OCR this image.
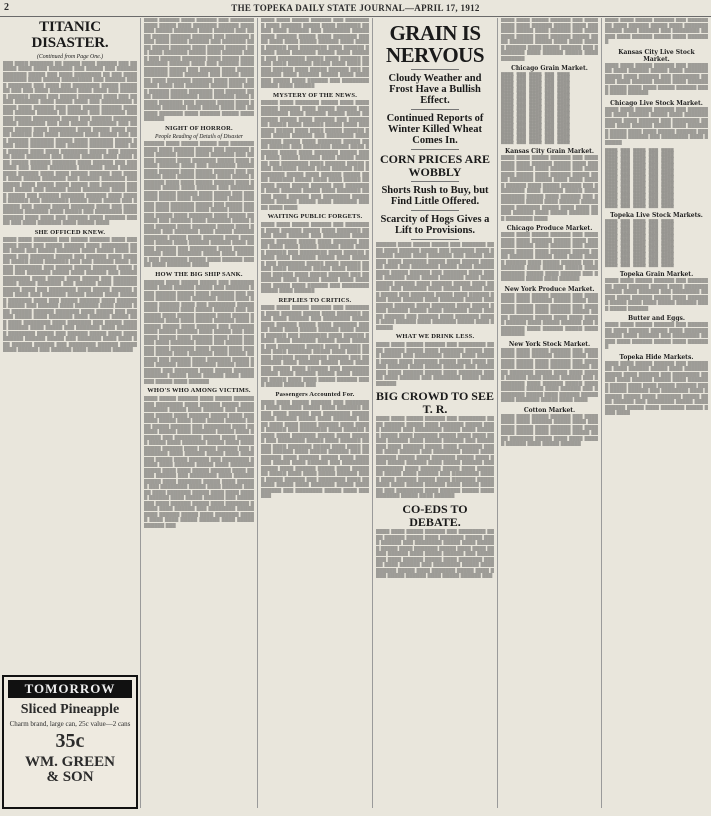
2	THE TOPEKA DAILY STATE JOURNAL—APRIL 17, 1912
TITANIC DISASTER.
(Continued from Page One.)
▒▒▒ ▒▒▒▒ ▒▒▒▒▒▒▒ ▒▒ ▒▒▒▒▒ ▒▒▒▒ ▒▒▒▒▒▒ ▒▒▒ ▒▒▒▒▒▒ ▒▒▒▒ ▒▒▒▒ ▒▒▒▒▒▒▒ ▒▒▒ ▒▒▒▒▒ ▒▒▒ ▒▒▒▒▒▒ ▒▒▒▒▒▒▒ ▒▒▒▒▒ ▒▒▒ ▒▒▒▒ ▒▒▒▒▒▒▒▒ ▒▒ ▒▒▒ ▒▒▒▒ ▒▒▒▒▒▒▒ ▒▒▒▒ ▒▒▒▒▒ ▒▒▒▒▒▒▒▒▒ ▒▒▒ ▒▒▒▒▒▒ ▒▒▒▒ ▒▒▒▒▒▒▒ ▒▒▒ ▒▒▒▒ ▒▒▒ ▒▒▒▒▒▒▒▒ ▒▒▒▒▒ ▒▒▒▒▒▒▒ ▒▒▒ ▒▒▒ ▒▒▒▒ ▒▒▒▒▒▒▒▒ ▒▒▒▒ ▒▒▒▒ ▒▒▒ ▒▒▒▒▒▒ ▒▒▒▒▒▒ ▒▒▒▒▒ ▒▒▒ ▒▒▒▒▒ ▒▒▒▒▒▒▒ ▒▒▒▒ ▒▒▒ ▒▒▒▒▒ ▒▒▒▒▒▒▒ ▒▒▒▒ ▒▒▒▒▒ ▒▒▒▒ ▒▒▒ ▒▒▒▒▒▒▒▒▒ ▒▒▒▒▒ ▒▒▒▒ ▒▒▒▒▒▒ ▒▒▒ ▒▒▒▒ ▒▒▒▒▒ ▒▒▒▒▒▒ ▒▒▒▒ ▒▒▒ ▒▒▒▒▒▒ ▒▒▒▒▒▒ ▒▒ ▒▒▒▒▒▒ ▒▒▒ ▒▒▒▒▒▒▒ ▒▒▒ ▒▒▒ ▒▒▒▒▒ ▒▒▒▒▒▒▒▒ ▒▒▒▒▒ ▒▒▒ ▒▒▒▒▒▒ ▒▒▒▒▒▒▒ ▒▒▒▒ ▒▒▒▒▒▒▒▒ ▒▒▒ ▒▒▒ ▒▒▒▒▒ ▒▒▒▒▒▒▒▒ ▒▒▒ ▒▒▒▒▒ ▒▒▒▒▒ ▒▒▒▒ ▒▒▒▒▒▒▒▒ ▒▒▒▒ ▒▒▒▒▒ ▒▒▒▒ ▒▒▒▒▒ ▒▒▒▒▒▒ ▒▒▒ ▒▒▒▒ ▒▒▒▒▒▒▒ ▒▒▒▒ ▒▒▒▒▒ ▒▒▒ ▒▒▒ ▒▒▒▒▒▒ ▒▒▒▒▒▒▒ ▒▒▒▒▒ ▒▒▒▒ ▒▒▒▒▒▒▒ ▒▒▒▒▒ ▒▒▒▒ ▒▒▒▒ ▒▒▒▒▒▒▒ ▒▒▒ ▒▒▒▒▒▒ ▒▒▒▒▒▒▒ ▒▒▒▒ ▒▒▒ ▒▒▒▒▒▒ ▒▒▒▒ ▒▒▒▒ ▒▒▒▒▒▒▒▒ ▒▒▒▒▒ ▒▒▒ ▒▒▒▒▒▒▒ ▒▒▒▒ ▒▒▒▒▒▒▒ ▒▒▒ ▒▒▒▒▒ ▒▒▒▒▒▒ ▒▒▒▒ ▒▒▒▒ ▒▒▒ ▒▒▒▒▒ ▒▒▒▒▒▒ ▒▒▒▒▒▒▒ ▒▒▒▒ ▒▒▒▒▒▒ ▒▒▒ ▒▒▒▒▒▒▒ ▒▒▒ ▒▒▒▒▒ ▒▒▒▒▒▒▒▒ ▒▒▒▒▒▒▒ ▒▒▒▒ ▒▒▒▒▒ ▒▒▒▒ ▒▒▒▒▒▒ ▒▒▒▒ ▒▒▒▒ ▒▒▒▒▒ ▒▒▒▒▒▒ ▒▒▒ ▒▒▒▒▒ ▒▒▒▒ ▒▒▒▒▒ ▒▒▒▒▒▒▒ ▒▒▒ ▒▒▒▒▒▒ ▒▒▒▒▒▒▒ ▒▒▒▒▒▒▒▒ ▒▒▒▒ ▒▒▒▒▒ ▒▒▒▒ ▒▒▒▒▒ ▒▒▒ ▒▒▒▒▒▒▒ ▒▒▒▒▒▒ ▒▒▒▒▒ ▒▒▒ ▒▒▒▒▒▒ ▒▒▒▒ ▒▒▒▒▒▒▒▒ ▒▒▒▒ ▒▒▒▒ ▒▒▒▒▒ ▒▒▒ ▒▒▒▒▒▒ ▒▒▒▒▒▒▒ ▒▒▒▒▒▒ ▒▒▒▒ ▒▒▒▒▒ ▒▒▒▒▒▒ ▒▒▒ ▒▒▒▒▒▒▒▒ ▒▒▒▒▒ ▒▒▒▒ ▒▒▒▒▒ ▒▒▒ ▒▒▒▒▒▒ ▒▒▒ ▒▒▒▒▒ ▒▒▒▒▒ ▒▒▒▒▒▒▒ ▒▒▒▒ ▒▒▒ ▒▒▒▒ ▒▒▒▒▒▒ ▒▒▒▒▒▒▒ ▒▒▒▒ ▒▒▒▒▒ ▒▒▒ ▒▒▒▒▒▒▒▒ ▒▒▒▒ ▒▒▒▒▒▒ ▒▒▒▒ ▒▒▒▒ ▒▒▒ ▒▒▒▒▒▒ ▒▒▒▒ ▒▒▒▒▒▒ ▒▒▒▒▒ ▒▒▒ ▒▒▒▒ ▒▒▒▒▒▒▒ ▒▒▒▒ ▒▒▒▒▒ ▒▒▒▒
SHE OFFICED KNEW.
▒▒▒▒ ▒▒▒▒ ▒▒▒▒▒▒▒ ▒▒▒ ▒▒▒▒▒ ▒▒▒▒▒▒ ▒▒▒▒ ▒▒▒▒▒▒▒ ▒▒▒▒ ▒▒▒ ▒▒▒▒▒ ▒▒▒▒▒▒ ▒▒▒▒ ▒▒▒▒▒▒▒▒ ▒▒▒▒ ▒▒▒▒ ▒▒▒ ▒▒▒▒▒ ▒▒▒▒▒▒▒ ▒▒▒▒ ▒▒▒▒▒ ▒▒▒▒ ▒▒▒▒▒▒ ▒▒▒ ▒▒▒▒▒▒▒ ▒▒▒▒▒ ▒▒▒ ▒▒▒▒▒▒ ▒▒▒▒ ▒▒▒▒▒▒ ▒▒▒▒▒ ▒▒▒▒ ▒▒▒▒▒▒▒ ▒▒▒ ▒▒▒ ▒▒▒▒▒▒ ▒▒▒▒ ▒▒▒▒▒ ▒▒▒▒▒▒▒▒ ▒▒▒ ▒▒▒▒▒ ▒▒▒▒▒ ▒▒▒▒▒▒▒ ▒▒▒▒ ▒▒▒▒ ▒▒▒ ▒▒▒▒▒▒▒ ▒▒▒▒▒ ▒▒▒▒ ▒▒▒▒▒▒ ▒▒▒ ▒▒▒▒▒ ▒▒▒▒▒▒▒▒ ▒▒▒▒ ▒▒▒▒▒ ▒▒▒▒ ▒▒▒▒▒ ▒▒▒ ▒▒▒▒▒▒▒ ▒▒▒▒ ▒▒▒▒▒ ▒▒▒▒▒▒▒ ▒▒▒ ▒▒▒▒▒▒ ▒▒▒▒ ▒▒▒▒▒▒▒ ▒▒▒▒▒ ▒▒▒▒ ▒▒▒ ▒▒▒▒▒▒▒▒ ▒▒▒▒ ▒▒▒▒▒ ▒▒▒▒▒▒ ▒▒▒▒ ▒▒▒▒ ▒▒▒ ▒▒▒▒▒▒▒ ▒▒▒▒▒ ▒▒▒▒▒ ▒▒▒▒ ▒▒▒▒▒▒ ▒▒▒▒▒▒▒ ▒▒▒▒ ▒▒▒ ▒▒▒▒▒ ▒▒▒▒▒▒ ▒▒▒▒ ▒▒▒▒▒▒▒ ▒▒▒▒▒ ▒▒▒ ▒▒▒▒▒▒ ▒▒▒▒ ▒▒▒▒▒▒▒ ▒▒▒▒ ▒▒▒▒▒ ▒▒▒ ▒▒▒▒▒▒ ▒▒▒▒▒▒ ▒▒▒▒▒▒▒ ▒▒▒▒ ▒▒▒▒▒ ▒▒▒ ▒▒▒▒▒▒ ▒▒▒▒▒ ▒▒▒▒ ▒▒▒▒▒▒▒ ▒▒▒▒ ▒▒▒▒▒▒ ▒▒▒▒▒ ▒▒▒ ▒▒▒▒ ▒▒▒▒▒▒▒▒ ▒▒▒▒ ▒▒▒▒▒▒▒ ▒▒▒ ▒▒▒▒▒ ▒▒▒▒▒ ▒▒▒▒▒▒ ▒▒▒▒ ▒▒▒▒▒ ▒▒▒ ▒▒▒▒▒▒▒ ▒▒▒▒ ▒▒▒▒▒▒▒ ▒▒▒▒▒▒▒▒ ▒▒▒▒▒ ▒▒▒ ▒▒▒▒▒▒ ▒▒▒▒▒ ▒▒▒▒ ▒▒▒▒ ▒▒▒▒▒▒ ▒▒▒▒▒▒ ▒▒▒▒▒ ▒▒▒ ▒▒▒▒▒▒▒ ▒▒▒▒ ▒▒▒▒ ▒▒▒ ▒▒▒▒▒▒ ▒▒▒▒▒▒ ▒▒▒ ▒▒▒▒▒▒▒▒ ▒▒▒▒▒▒ ▒▒▒▒▒ ▒▒▒▒ ▒▒▒▒▒▒ ▒▒▒ ▒▒▒▒▒▒ ▒▒▒▒ ▒▒▒▒▒▒▒ ▒▒▒▒▒▒
TOMORROW
Sliced Pineapple
Charm brand, large can, 25c value—2 cans
35c
WM. GREEN
& SON
▒▒▒▒ ▒▒▒▒▒▒ ▒▒▒▒ ▒▒▒▒▒▒ ▒▒▒ ▒▒▒▒▒▒▒ ▒▒▒▒ ▒▒▒▒▒ ▒▒▒▒ ▒▒▒▒▒▒▒ ▒▒▒▒▒▒ ▒▒▒▒ ▒▒▒ ▒▒▒▒▒ ▒▒▒▒▒▒▒ ▒▒▒▒ ▒▒▒▒▒▒ ▒▒▒ ▒▒▒▒ ▒▒▒▒▒ ▒▒▒▒▒▒ ▒▒▒▒▒▒ ▒▒▒ ▒▒▒▒▒▒▒ ▒▒▒▒ ▒▒▒▒ ▒▒▒▒▒ ▒▒▒▒▒▒ ▒▒▒ ▒▒▒▒▒▒▒ ▒▒▒▒ ▒▒▒▒▒ ▒▒▒▒▒▒ ▒▒▒▒ ▒▒▒▒▒ ▒▒▒▒▒▒ ▒▒▒ ▒▒▒▒ ▒▒▒▒▒▒▒ ▒▒▒▒▒ ▒▒▒▒ ▒▒▒▒▒▒ ▒▒▒▒ ▒▒▒ ▒▒▒▒▒▒ ▒▒▒▒▒▒▒ ▒▒▒▒ ▒▒▒▒▒ ▒▒▒▒ ▒▒▒▒▒▒▒ ▒▒▒▒▒▒ ▒▒▒▒ ▒▒▒ ▒▒▒▒▒▒ ▒▒▒▒ ▒▒▒▒▒▒▒ ▒▒▒▒▒ ▒▒▒ ▒▒▒▒▒▒ ▒▒▒▒ ▒▒▒▒▒ ▒▒▒▒▒▒▒ ▒▒▒▒ ▒▒▒▒▒▒▒ ▒▒▒ ▒▒▒▒▒ ▒▒▒▒▒▒ ▒▒▒▒ ▒▒▒▒▒▒▒ ▒▒▒▒▒▒ ▒▒▒▒ ▒▒▒▒▒ ▒▒▒▒▒▒ ▒▒▒▒ ▒▒▒ ▒▒▒▒▒▒▒ ▒▒▒▒▒ ▒▒▒▒ ▒▒▒▒ ▒▒▒▒▒▒ ▒▒▒▒▒ ▒▒▒▒▒▒▒ ▒▒▒ ▒▒▒▒▒▒ ▒▒▒▒ ▒▒▒▒▒ ▒▒▒▒▒▒▒▒ ▒▒▒▒ ▒▒▒▒▒▒ ▒▒▒▒ ▒▒▒▒▒ ▒▒▒▒▒▒▒ ▒▒▒ ▒▒▒▒▒▒ ▒▒▒▒▒ ▒▒▒▒ ▒▒▒▒▒▒ ▒▒▒▒▒▒▒ ▒▒▒▒ ▒▒▒▒▒ ▒▒▒▒ ▒▒▒ ▒▒▒▒▒▒ ▒▒▒▒▒▒▒ ▒▒▒▒ ▒▒▒▒▒▒ ▒▒▒▒▒ ▒▒▒▒ ▒▒▒▒▒▒
NIGHT OF HORROR.
People Reading of Details of Disaster
▒▒▒▒▒▒ ▒▒▒▒ ▒▒▒▒▒ ▒▒▒▒▒ ▒▒▒ ▒▒▒▒▒▒▒ ▒▒▒▒ ▒▒▒▒ ▒▒▒▒▒▒ ▒▒▒▒▒ ▒▒▒ ▒▒▒▒▒▒▒ ▒▒▒▒ ▒▒▒▒▒▒ ▒▒▒▒▒ ▒▒▒▒ ▒▒▒▒▒▒▒ ▒▒▒ ▒▒▒▒▒ ▒▒▒▒▒▒ ▒▒▒▒ ▒▒▒▒▒▒▒ ▒▒▒▒▒ ▒▒▒▒ ▒▒▒▒▒ ▒▒▒▒▒▒ ▒▒▒▒ ▒▒▒ ▒▒▒▒▒▒▒▒ ▒▒▒▒▒ ▒▒▒▒ ▒▒▒▒▒▒ ▒▒▒▒ ▒▒▒▒▒ ▒▒▒▒▒▒ ▒▒▒ ▒▒▒▒▒▒▒ ▒▒▒▒ ▒▒▒▒▒ ▒▒▒▒▒▒ ▒▒▒▒ ▒▒▒▒▒ ▒▒▒▒▒▒▒ ▒▒▒▒ ▒▒▒▒ ▒▒▒▒▒ ▒▒▒▒▒▒ ▒▒▒▒ ▒▒▒▒▒▒ ▒▒▒▒▒ ▒▒▒▒ ▒▒▒▒▒▒ ▒▒▒ ▒▒▒▒▒▒▒ ▒▒▒▒ ▒▒▒▒▒ ▒▒▒▒▒▒ ▒▒▒▒ ▒▒▒▒▒ ▒▒▒ ▒▒▒▒▒▒▒ ▒▒▒▒▒ ▒▒▒▒ ▒▒▒▒▒▒ ▒▒▒▒ ▒▒▒▒ ▒▒▒▒▒▒ ▒▒▒▒ ▒▒▒▒▒▒▒ ▒▒▒▒▒ ▒▒▒ ▒▒▒▒▒ ▒▒▒▒▒▒ ▒▒▒▒ ▒▒▒▒▒▒▒ ▒▒▒▒ ▒▒▒▒▒ ▒▒▒▒ ▒▒▒▒▒▒ ▒▒▒▒▒ ▒▒▒▒ ▒▒▒▒▒▒▒ ▒▒▒▒ ▒▒▒▒▒ ▒▒▒▒▒▒ ▒▒▒ ▒▒▒▒▒▒ ▒▒▒▒ ▒▒▒▒▒▒▒ ▒▒▒▒▒ ▒▒▒▒ ▒▒▒▒▒▒ ▒▒▒▒ ▒▒▒▒▒▒▒ ▒▒▒▒▒ ▒▒▒▒ ▒▒▒▒▒▒ ▒▒▒ ▒▒▒▒▒▒▒ ▒▒▒▒ ▒▒▒▒▒ ▒▒▒▒▒▒ ▒▒▒▒▒▒▒ ▒▒▒▒▒ ▒▒▒▒ ▒▒▒▒▒▒ ▒▒▒▒ ▒▒▒▒▒▒▒ ▒▒▒▒▒ ▒▒▒▒ ▒▒▒▒▒▒ ▒▒▒▒▒▒ ▒▒▒▒ ▒▒▒▒▒ ▒▒▒▒▒▒ ▒▒▒ ▒▒▒▒▒▒▒▒ ▒▒▒▒ ▒▒▒▒▒▒ ▒▒▒▒▒ ▒▒▒▒ ▒▒▒▒▒▒▒ ▒▒▒▒▒ ▒▒▒▒ ▒▒▒▒▒▒ ▒▒▒ ▒▒▒▒▒▒▒▒ ▒▒▒▒▒ ▒▒▒▒ ▒▒▒▒▒▒ ▒▒▒▒▒ ▒▒▒▒ ▒▒▒▒▒▒▒ ▒▒▒▒▒
HOW THE BIG SHIP SANK.
▒▒▒▒▒▒ ▒▒▒▒ ▒▒▒▒▒ ▒▒▒▒▒ ▒▒▒ ▒▒▒▒▒▒▒ ▒▒▒▒ ▒▒▒▒ ▒▒▒▒▒▒ ▒▒▒▒▒ ▒▒▒ ▒▒▒▒▒▒▒ ▒▒▒▒ ▒▒▒▒▒▒ ▒▒▒▒▒ ▒▒▒▒ ▒▒▒▒▒▒▒ ▒▒▒ ▒▒▒▒▒ ▒▒▒▒▒▒ ▒▒▒▒ ▒▒▒▒▒▒▒ ▒▒▒▒▒ ▒▒▒▒ ▒▒▒▒▒ ▒▒▒▒▒▒ ▒▒▒▒ ▒▒▒ ▒▒▒▒▒▒▒▒ ▒▒▒▒▒ ▒▒▒▒ ▒▒▒▒▒▒ ▒▒▒▒ ▒▒▒▒▒ ▒▒▒▒▒▒ ▒▒▒ ▒▒▒▒▒▒▒ ▒▒▒▒ ▒▒▒▒▒ ▒▒▒▒▒▒ ▒▒▒▒ ▒▒▒▒▒ ▒▒▒▒▒▒▒ ▒▒▒▒ ▒▒▒▒ ▒▒▒▒▒ ▒▒▒▒▒▒ ▒▒▒▒ ▒▒▒▒▒▒ ▒▒▒▒▒ ▒▒▒▒ ▒▒▒▒▒▒ ▒▒▒ ▒▒▒▒▒▒▒ ▒▒▒▒ ▒▒▒▒▒ ▒▒▒▒▒▒ ▒▒▒▒ ▒▒▒▒▒ ▒▒▒ ▒▒▒▒▒▒▒ ▒▒▒▒▒ ▒▒▒▒ ▒▒▒▒▒▒ ▒▒▒▒ ▒▒▒▒ ▒▒▒▒▒▒ ▒▒▒▒ ▒▒▒▒▒▒▒ ▒▒▒▒▒ ▒▒▒ ▒▒▒▒▒ ▒▒▒▒▒▒ ▒▒▒▒ ▒▒▒▒▒▒▒ ▒▒▒▒ ▒▒▒▒▒ ▒▒▒▒ ▒▒▒▒▒▒ ▒▒▒▒▒ ▒▒▒▒ ▒▒▒▒▒▒▒ ▒▒▒▒ ▒▒▒▒▒ ▒▒▒▒▒▒ ▒▒▒ ▒▒▒▒▒▒ ▒▒▒▒ ▒▒▒▒▒▒▒ ▒▒▒▒▒ ▒▒▒▒ ▒▒▒▒▒▒ ▒▒▒▒ ▒▒▒▒▒▒▒ ▒▒▒▒▒ ▒▒▒▒ ▒▒▒▒▒▒ ▒▒▒ ▒▒▒▒▒▒▒ ▒▒▒▒ ▒▒▒▒▒ ▒▒▒▒▒▒ ▒▒▒▒▒▒▒ ▒▒▒▒▒ ▒▒▒▒ ▒▒▒▒▒▒ ▒▒▒▒ ▒▒▒▒▒▒▒ ▒▒▒▒▒ ▒▒▒▒ ▒▒▒▒▒▒
WHO'S WHO AMONG VICTIMS.
▒▒▒▒ ▒▒▒▒▒ ▒▒▒▒▒▒ ▒▒▒▒ ▒▒▒▒▒ ▒▒▒▒▒▒ ▒▒▒ ▒▒▒▒▒▒▒▒ ▒▒▒▒ ▒▒▒▒▒▒ ▒▒▒▒▒ ▒▒▒▒ ▒▒▒▒▒▒▒ ▒▒▒▒▒ ▒▒▒▒ ▒▒▒▒▒▒ ▒▒▒ ▒▒▒▒▒▒▒▒ ▒▒▒▒▒ ▒▒▒▒ ▒▒▒▒▒▒ ▒▒▒▒▒ ▒▒▒▒ ▒▒▒▒▒▒▒ ▒▒▒▒▒ ▒▒▒▒ ▒▒▒▒ ▒▒▒▒▒ ▒▒▒▒▒▒ ▒▒▒▒ ▒▒▒▒▒ ▒▒▒▒▒▒ ▒▒▒ ▒▒▒▒▒▒▒▒ ▒▒▒▒ ▒▒▒▒▒▒ ▒▒▒▒▒ ▒▒▒▒ ▒▒▒▒▒▒▒ ▒▒▒▒▒ ▒▒▒▒ ▒▒▒▒▒▒ ▒▒▒ ▒▒▒▒▒▒▒▒ ▒▒▒▒▒ ▒▒▒▒ ▒▒▒▒▒▒ ▒▒▒▒▒ ▒▒▒▒ ▒▒▒▒▒▒▒ ▒▒▒▒▒ ▒▒▒▒ ▒▒▒▒ ▒▒▒▒▒ ▒▒▒▒▒▒ ▒▒▒▒ ▒▒▒▒▒ ▒▒▒▒▒▒ ▒▒▒ ▒▒▒▒▒▒▒▒ ▒▒▒▒ ▒▒▒▒▒▒ ▒▒▒▒▒ ▒▒▒▒ ▒▒▒▒▒▒▒ ▒▒▒▒▒ ▒▒▒▒ ▒▒▒▒▒▒ ▒▒▒ ▒▒▒▒▒▒▒▒ ▒▒▒▒▒ ▒▒▒▒ ▒▒▒▒▒▒ ▒▒▒▒▒ ▒▒▒▒ ▒▒▒▒▒▒▒ ▒▒▒▒▒ ▒▒▒▒ ▒▒▒▒ ▒▒▒▒▒ ▒▒▒▒▒▒ ▒▒▒▒ ▒▒▒▒▒ ▒▒▒▒▒▒ ▒▒▒ ▒▒▒▒▒▒▒▒ ▒▒▒▒ ▒▒▒▒▒▒ ▒▒▒▒▒ ▒▒▒▒ ▒▒▒▒▒▒▒ ▒▒▒▒▒ ▒▒▒▒ ▒▒▒▒▒▒ ▒▒▒ ▒▒▒▒▒▒▒▒ ▒▒▒▒▒ ▒▒▒▒ ▒▒▒▒▒▒ ▒▒▒▒▒ ▒▒▒▒ ▒▒▒▒▒▒▒ ▒▒▒▒▒ ▒▒▒▒ ▒▒▒▒ ▒▒▒▒▒ ▒▒▒▒▒▒ ▒▒▒▒ ▒▒▒▒▒ ▒▒▒▒▒▒ ▒▒▒ ▒▒▒▒▒▒▒▒ ▒▒▒▒ ▒▒▒▒▒▒ ▒▒▒▒▒ ▒▒▒▒ ▒▒▒▒▒▒▒ ▒▒▒▒▒ ▒▒▒▒ ▒▒▒▒▒▒ ▒▒▒ ▒▒▒▒▒▒▒▒ ▒▒▒▒▒ ▒▒▒▒ ▒▒▒▒▒▒ ▒▒▒▒▒ ▒▒▒▒ ▒▒▒▒▒▒▒ ▒▒▒▒▒ ▒▒▒▒ ▒▒▒▒ ▒▒▒▒▒ ▒▒▒▒▒▒ ▒▒▒▒ ▒▒▒▒▒ ▒▒▒▒▒▒ ▒▒▒
▒▒▒▒ ▒▒▒▒ ▒▒▒▒▒ ▒▒▒▒▒▒ ▒▒▒ ▒▒▒▒▒▒▒▒ ▒▒▒▒ ▒▒▒▒▒▒ ▒▒▒▒▒ ▒▒▒▒ ▒▒▒▒▒▒▒ ▒▒▒▒▒ ▒▒▒▒ ▒▒▒▒▒▒ ▒▒▒ ▒▒▒▒▒▒▒▒ ▒▒▒▒▒ ▒▒▒▒ ▒▒▒▒▒▒ ▒▒▒▒▒ ▒▒▒▒ ▒▒▒▒▒▒▒ ▒▒▒▒▒ ▒▒▒▒ ▒▒▒▒ ▒▒▒▒▒ ▒▒▒▒▒▒ ▒▒▒▒ ▒▒▒▒▒ ▒▒▒▒▒▒ ▒▒▒ ▒▒▒▒▒▒▒▒ ▒▒▒▒ ▒▒▒▒▒▒ ▒▒▒▒▒ ▒▒▒▒ ▒▒▒▒▒▒▒ ▒▒▒▒▒ ▒▒▒▒ ▒▒▒▒▒▒ ▒▒▒ ▒▒▒▒▒▒▒▒ ▒▒▒▒▒ ▒▒▒▒ ▒▒▒▒▒▒ ▒▒▒▒▒ ▒▒▒▒ ▒▒▒▒▒▒▒ ▒▒▒▒▒ ▒▒▒▒ ▒▒▒▒ ▒▒▒▒▒ ▒▒▒▒▒▒ ▒▒▒▒ ▒▒▒▒▒ ▒▒▒▒▒▒ ▒▒▒ ▒▒▒▒▒▒▒▒ ▒▒▒▒ ▒▒▒▒▒▒ ▒▒▒▒▒ ▒▒▒▒ ▒▒▒▒▒▒▒ ▒▒▒▒▒ ▒▒▒▒ ▒▒▒▒▒▒ ▒▒▒ ▒▒▒▒▒▒▒▒ ▒▒▒▒▒ ▒▒▒▒ ▒▒▒▒▒▒
MYSTERY OF THE NEWS.
▒▒▒▒▒ ▒▒▒▒ ▒▒▒▒▒▒▒ ▒▒▒▒▒ ▒▒▒▒ ▒▒▒▒ ▒▒▒▒▒ ▒▒▒▒▒▒ ▒▒▒▒ ▒▒▒▒▒ ▒▒▒▒▒▒ ▒▒▒ ▒▒▒▒▒▒▒▒ ▒▒▒▒ ▒▒▒▒▒▒ ▒▒▒▒▒ ▒▒▒▒ ▒▒▒▒▒▒▒ ▒▒▒▒▒ ▒▒▒▒ ▒▒▒▒▒▒ ▒▒▒ ▒▒▒▒▒▒▒▒ ▒▒▒▒▒ ▒▒▒▒ ▒▒▒▒▒▒ ▒▒▒▒▒ ▒▒▒▒ ▒▒▒▒▒▒▒ ▒▒▒▒▒ ▒▒▒▒ ▒▒▒▒ ▒▒▒▒▒ ▒▒▒▒▒▒ ▒▒▒▒ ▒▒▒▒▒ ▒▒▒▒▒▒ ▒▒▒ ▒▒▒▒▒▒▒▒ ▒▒▒▒ ▒▒▒▒▒▒ ▒▒▒▒▒ ▒▒▒▒ ▒▒▒▒▒▒▒ ▒▒▒▒▒ ▒▒▒▒ ▒▒▒▒▒▒ ▒▒▒ ▒▒▒▒▒▒▒▒ ▒▒▒▒▒ ▒▒▒▒ ▒▒▒▒▒▒ ▒▒▒▒▒ ▒▒▒▒ ▒▒▒▒▒▒▒ ▒▒▒▒▒ ▒▒▒▒ ▒▒▒▒ ▒▒▒▒▒ ▒▒▒▒▒▒ ▒▒▒▒ ▒▒▒▒▒ ▒▒▒▒▒▒ ▒▒▒ ▒▒▒▒▒▒▒▒ ▒▒▒▒ ▒▒▒▒▒▒ ▒▒▒▒▒ ▒▒▒▒ ▒▒▒▒▒▒▒ ▒▒▒▒▒ ▒▒▒▒ ▒▒▒▒▒▒ ▒▒▒ ▒▒▒▒▒▒▒▒ ▒▒▒▒▒ ▒▒▒▒ ▒▒▒▒▒▒ ▒▒▒▒▒ ▒▒▒▒ ▒▒▒▒▒▒▒ ▒▒▒▒▒ ▒▒▒▒ ▒▒▒▒ ▒▒▒▒▒ ▒▒▒▒▒▒ ▒▒▒▒ ▒▒▒▒▒ ▒▒▒▒▒▒ ▒▒▒ ▒▒▒▒▒▒▒▒ ▒▒▒▒ ▒▒▒▒▒▒ ▒▒▒▒▒ ▒▒▒▒ ▒▒▒▒▒▒▒ ▒▒▒▒▒ ▒▒▒▒ ▒▒▒▒▒▒ ▒▒▒ ▒▒▒▒▒▒▒▒ ▒▒▒▒▒ ▒▒▒▒ ▒▒▒▒▒▒ ▒▒▒▒▒ ▒▒▒▒ ▒▒▒▒▒▒▒ ▒▒▒▒▒ ▒▒▒▒ ▒▒▒▒
WAITING PUBLIC FORGETS.
▒▒▒▒ ▒▒▒▒ ▒▒▒▒▒ ▒▒▒▒▒▒ ▒▒▒ ▒▒▒▒▒▒▒▒ ▒▒▒▒ ▒▒▒▒▒▒ ▒▒▒▒▒ ▒▒▒▒ ▒▒▒▒▒▒▒ ▒▒▒▒▒ ▒▒▒▒ ▒▒▒▒▒▒ ▒▒▒ ▒▒▒▒▒▒▒▒ ▒▒▒▒▒ ▒▒▒▒ ▒▒▒▒▒▒ ▒▒▒▒▒ ▒▒▒▒ ▒▒▒▒▒▒▒ ▒▒▒▒▒ ▒▒▒▒ ▒▒▒▒ ▒▒▒▒▒ ▒▒▒▒▒▒ ▒▒▒▒ ▒▒▒▒▒ ▒▒▒▒▒▒ ▒▒▒ ▒▒▒▒▒▒▒▒ ▒▒▒▒ ▒▒▒▒▒▒ ▒▒▒▒▒ ▒▒▒▒ ▒▒▒▒▒▒▒ ▒▒▒▒▒ ▒▒▒▒ ▒▒▒▒▒▒ ▒▒▒ ▒▒▒▒▒▒▒▒ ▒▒▒▒▒ ▒▒▒▒ ▒▒▒▒▒▒ ▒▒▒▒▒ ▒▒▒▒ ▒▒▒▒▒▒▒ ▒▒▒▒▒ ▒▒▒▒ ▒▒▒▒ ▒▒▒▒▒ ▒▒▒▒▒▒ ▒▒▒▒ ▒▒▒▒▒ ▒▒▒▒▒▒ ▒▒▒ ▒▒▒▒▒▒▒▒ ▒▒▒▒ ▒▒▒▒▒▒ ▒▒▒▒▒ ▒▒▒▒ ▒▒▒▒▒▒▒ ▒▒▒▒▒ ▒▒▒▒ ▒▒▒▒▒▒ ▒▒▒ ▒▒▒▒▒▒▒▒ ▒▒▒▒▒ ▒▒▒▒ ▒▒▒▒▒▒
REPLIES TO CRITICS.
▒▒▒▒ ▒▒▒▒ ▒▒▒▒▒ ▒▒▒▒▒▒ ▒▒▒ ▒▒▒▒▒▒▒▒ ▒▒▒▒ ▒▒▒▒▒▒ ▒▒▒▒▒ ▒▒▒▒ ▒▒▒▒▒▒▒ ▒▒▒▒▒ ▒▒▒▒ ▒▒▒▒▒▒ ▒▒▒ ▒▒▒▒▒▒▒▒ ▒▒▒▒▒ ▒▒▒▒ ▒▒▒▒▒▒ ▒▒▒▒▒ ▒▒▒▒ ▒▒▒▒▒▒▒ ▒▒▒▒▒ ▒▒▒▒ ▒▒▒▒ ▒▒▒▒▒ ▒▒▒▒▒▒ ▒▒▒▒ ▒▒▒▒▒ ▒▒▒▒▒▒ ▒▒▒ ▒▒▒▒▒▒▒▒ ▒▒▒▒ ▒▒▒▒▒▒ ▒▒▒▒▒ ▒▒▒▒ ▒▒▒▒▒▒▒ ▒▒▒▒▒ ▒▒▒▒ ▒▒▒▒▒▒ ▒▒▒ ▒▒▒▒▒▒▒▒ ▒▒▒▒▒ ▒▒▒▒ ▒▒▒▒▒▒ ▒▒▒▒▒ ▒▒▒▒ ▒▒▒▒▒▒▒ ▒▒▒▒▒ ▒▒▒▒ ▒▒▒▒ ▒▒▒▒▒ ▒▒▒▒▒▒ ▒▒▒▒ ▒▒▒▒▒ ▒▒▒▒▒▒ ▒▒▒ ▒▒▒▒▒▒▒▒ ▒▒▒▒ ▒▒▒▒▒▒ ▒▒▒▒▒ ▒▒▒▒ ▒▒▒▒▒▒▒ ▒▒▒▒▒ ▒▒▒▒ ▒▒▒▒▒▒ ▒▒▒ ▒▒▒▒▒▒▒▒ ▒▒▒▒▒ ▒▒▒▒ ▒▒▒▒▒▒ ▒▒▒▒▒ ▒▒▒▒ ▒▒▒▒▒▒▒ ▒▒▒▒▒ ▒▒▒▒ ▒▒▒▒ ▒▒▒▒▒ ▒▒▒▒▒▒ ▒▒▒▒ ▒▒▒▒▒ ▒▒▒▒▒▒ ▒▒▒
Passengers Accounted For.
▒▒▒▒ ▒▒▒▒ ▒▒▒▒▒ ▒▒▒▒▒▒ ▒▒▒ ▒▒▒▒▒▒▒▒ ▒▒▒▒ ▒▒▒▒▒▒ ▒▒▒▒▒ ▒▒▒▒ ▒▒▒▒▒▒▒ ▒▒▒▒▒ ▒▒▒▒ ▒▒▒▒▒▒ ▒▒▒ ▒▒▒▒▒▒▒▒ ▒▒▒▒▒ ▒▒▒▒ ▒▒▒▒▒▒ ▒▒▒▒▒ ▒▒▒▒ ▒▒▒▒▒▒▒ ▒▒▒▒▒ ▒▒▒▒ ▒▒▒▒ ▒▒▒▒▒ ▒▒▒▒▒▒ ▒▒▒▒ ▒▒▒▒▒ ▒▒▒▒▒▒ ▒▒▒ ▒▒▒▒▒▒▒▒ ▒▒▒▒ ▒▒▒▒▒▒ ▒▒▒▒▒ ▒▒▒▒ ▒▒▒▒▒▒▒ ▒▒▒▒▒ ▒▒▒▒ ▒▒▒▒▒▒ ▒▒▒ ▒▒▒▒▒▒▒▒ ▒▒▒▒▒ ▒▒▒▒ ▒▒▒▒▒▒ ▒▒▒▒▒ ▒▒▒▒ ▒▒▒▒▒▒▒ ▒▒▒▒▒ ▒▒▒▒ ▒▒▒▒ ▒▒▒▒▒ ▒▒▒▒▒▒ ▒▒▒▒ ▒▒▒▒▒ ▒▒▒▒▒▒ ▒▒▒ ▒▒▒▒▒▒▒▒ ▒▒▒▒ ▒▒▒▒▒▒ ▒▒▒▒▒ ▒▒▒▒ ▒▒▒▒▒▒▒ ▒▒▒▒▒ ▒▒▒▒ ▒▒▒▒▒▒ ▒▒▒ ▒▒▒▒▒▒▒▒ ▒▒▒▒▒ ▒▒▒▒ ▒▒▒▒▒▒ ▒▒▒▒▒ ▒▒▒▒ ▒▒▒▒▒▒▒ ▒▒▒▒▒ ▒▒▒▒ ▒▒▒▒ ▒▒▒▒▒ ▒▒▒▒▒▒ ▒▒▒▒ ▒▒▒▒▒ ▒▒▒▒▒▒ ▒▒▒ ▒▒▒▒▒▒▒▒ ▒▒▒▒ ▒▒▒▒▒▒ ▒▒▒▒▒ ▒▒▒▒ ▒▒▒▒▒▒▒ ▒▒▒▒▒ ▒▒▒▒ ▒▒▒▒▒▒ ▒▒▒ ▒▒▒▒▒▒▒▒ ▒▒▒▒▒ ▒▒▒▒ ▒▒▒▒▒▒
GRAIN IS NERVOUS
Cloudy Weather and Frost Have a Bullish Effect.
Continued Reports of Winter Killed Wheat Comes In.
CORN PRICES ARE WOBBLY
Shorts Rush to Buy, but Find Little Offered.
Scarcity of Hogs Gives a Lift to Provisions.
▒▒▒▒▒▒ ▒▒▒▒ ▒▒▒▒▒ ▒▒▒▒▒ ▒▒▒ ▒▒▒▒▒▒▒ ▒▒▒▒ ▒▒▒▒ ▒▒▒▒▒▒ ▒▒▒▒▒ ▒▒▒ ▒▒▒▒▒▒▒ ▒▒▒▒ ▒▒▒▒▒▒ ▒▒▒▒▒ ▒▒▒▒ ▒▒▒▒▒▒▒ ▒▒▒ ▒▒▒▒▒ ▒▒▒▒▒▒ ▒▒▒▒ ▒▒▒▒▒▒▒ ▒▒▒▒▒ ▒▒▒▒ ▒▒▒▒▒ ▒▒▒▒▒▒ ▒▒▒▒ ▒▒▒ ▒▒▒▒▒▒▒▒ ▒▒▒▒▒ ▒▒▒▒ ▒▒▒▒▒▒ ▒▒▒▒ ▒▒▒▒▒ ▒▒▒▒▒▒ ▒▒▒ ▒▒▒▒▒▒▒ ▒▒▒▒ ▒▒▒▒▒ ▒▒▒▒▒▒ ▒▒▒▒ ▒▒▒▒▒ ▒▒▒▒▒▒▒ ▒▒▒▒ ▒▒▒▒ ▒▒▒▒▒ ▒▒▒▒▒▒ ▒▒▒▒ ▒▒▒▒▒▒ ▒▒▒▒▒ ▒▒▒▒ ▒▒▒▒▒▒ ▒▒▒ ▒▒▒▒▒▒▒ ▒▒▒▒ ▒▒▒▒▒ ▒▒▒▒▒▒ ▒▒▒▒ ▒▒▒▒▒ ▒▒▒ ▒▒▒▒▒▒▒ ▒▒▒▒▒ ▒▒▒▒ ▒▒▒▒▒▒ ▒▒▒▒ ▒▒▒▒ ▒▒▒▒▒▒ ▒▒▒▒ ▒▒▒▒▒▒▒ ▒▒▒▒▒ ▒▒▒ ▒▒▒▒▒ ▒▒▒▒▒▒ ▒▒▒▒ ▒▒▒▒▒▒▒ ▒▒▒▒ ▒▒▒▒▒ ▒▒▒▒ ▒▒▒▒▒▒ ▒▒▒▒▒ ▒▒▒▒ ▒▒▒▒▒▒▒ ▒▒▒▒ ▒▒▒▒▒ ▒▒▒▒▒▒ ▒▒▒ ▒▒▒▒▒▒ ▒▒▒▒ ▒▒▒▒▒▒▒ ▒▒▒▒▒ ▒▒▒▒ ▒▒▒▒▒▒ ▒▒▒▒ ▒▒▒▒▒▒▒ ▒▒▒▒▒ ▒▒▒▒ ▒▒▒▒▒▒
WHAT WE DRINK LESS.
▒▒▒▒ ▒▒▒▒ ▒▒▒▒▒ ▒▒▒▒▒▒ ▒▒▒ ▒▒▒▒▒▒▒▒ ▒▒▒▒ ▒▒▒▒▒▒ ▒▒▒▒▒ ▒▒▒▒ ▒▒▒▒▒▒▒ ▒▒▒▒▒ ▒▒▒▒ ▒▒▒▒▒▒ ▒▒▒ ▒▒▒▒▒▒▒▒ ▒▒▒▒▒ ▒▒▒▒ ▒▒▒▒▒▒ ▒▒▒▒▒ ▒▒▒▒ ▒▒▒▒▒▒▒ ▒▒▒▒▒ ▒▒▒▒ ▒▒▒▒ ▒▒▒▒▒ ▒▒▒▒▒▒ ▒▒▒▒ ▒▒▒▒▒ ▒▒▒▒▒▒ ▒▒▒ ▒▒▒▒▒▒▒▒ ▒▒▒▒ ▒▒▒▒▒▒ ▒▒▒▒▒ ▒▒▒▒ ▒▒▒▒▒▒▒ ▒▒▒▒▒ ▒▒▒▒ ▒▒▒▒▒▒ ▒▒▒ ▒▒▒▒▒▒▒▒ ▒▒▒▒▒ ▒▒▒▒ ▒▒▒▒▒▒
BIG CROWD TO SEE T. R.
▒▒▒▒ ▒▒▒▒ ▒▒▒▒▒ ▒▒▒▒▒▒ ▒▒▒ ▒▒▒▒▒▒▒▒ ▒▒▒▒ ▒▒▒▒▒▒ ▒▒▒▒▒ ▒▒▒▒ ▒▒▒▒▒▒▒ ▒▒▒▒▒ ▒▒▒▒ ▒▒▒▒▒▒ ▒▒▒ ▒▒▒▒▒▒▒▒ ▒▒▒▒▒ ▒▒▒▒ ▒▒▒▒▒▒ ▒▒▒▒▒ ▒▒▒▒ ▒▒▒▒▒▒▒ ▒▒▒▒▒ ▒▒▒▒ ▒▒▒▒ ▒▒▒▒▒ ▒▒▒▒▒▒ ▒▒▒▒ ▒▒▒▒▒ ▒▒▒▒▒▒ ▒▒▒ ▒▒▒▒▒▒▒▒ ▒▒▒▒ ▒▒▒▒▒▒ ▒▒▒▒▒ ▒▒▒▒ ▒▒▒▒▒▒▒ ▒▒▒▒▒ ▒▒▒▒ ▒▒▒▒▒▒ ▒▒▒ ▒▒▒▒▒▒▒▒ ▒▒▒▒▒ ▒▒▒▒ ▒▒▒▒▒▒ ▒▒▒▒▒ ▒▒▒▒ ▒▒▒▒▒▒▒ ▒▒▒▒▒ ▒▒▒▒ ▒▒▒▒ ▒▒▒▒▒ ▒▒▒▒▒▒ ▒▒▒▒ ▒▒▒▒▒ ▒▒▒▒▒▒ ▒▒▒ ▒▒▒▒▒▒▒▒ ▒▒▒▒ ▒▒▒▒▒▒ ▒▒▒▒▒ ▒▒▒▒ ▒▒▒▒▒▒▒ ▒▒▒▒▒ ▒▒▒▒ ▒▒▒▒▒▒ ▒▒▒ ▒▒▒▒▒▒▒▒ ▒▒▒▒▒ ▒▒▒▒ ▒▒▒▒▒▒ ▒▒▒▒▒ ▒▒▒▒ ▒▒▒▒▒▒▒ ▒▒▒▒▒ ▒▒▒▒ ▒▒▒▒ ▒▒▒▒▒ ▒▒▒▒▒▒ ▒▒▒▒ ▒▒▒▒▒ ▒▒▒▒▒▒ ▒▒▒ ▒▒▒▒▒▒▒▒ ▒▒▒▒ ▒▒▒▒▒▒ ▒▒▒▒▒ ▒▒▒▒ ▒▒▒▒▒▒▒ ▒▒▒▒▒ ▒▒▒▒ ▒▒▒▒▒▒
CO-EDS TO DEBATE.
▒▒▒▒ ▒▒▒▒ ▒▒▒▒▒ ▒▒▒▒▒▒ ▒▒▒ ▒▒▒▒▒▒▒▒ ▒▒▒▒ ▒▒▒▒▒▒ ▒▒▒▒▒ ▒▒▒▒ ▒▒▒▒▒▒▒ ▒▒▒▒▒ ▒▒▒▒ ▒▒▒▒▒▒ ▒▒▒ ▒▒▒▒▒▒▒▒ ▒▒▒▒▒ ▒▒▒▒ ▒▒▒▒▒▒ ▒▒▒▒▒ ▒▒▒▒ ▒▒▒▒▒▒▒ ▒▒▒▒▒ ▒▒▒▒ ▒▒▒▒ ▒▒▒▒▒ ▒▒▒▒▒▒ ▒▒▒▒ ▒▒▒▒▒ ▒▒▒▒▒▒ ▒▒▒ ▒▒▒▒▒▒▒▒ ▒▒▒▒ ▒▒▒▒▒▒ ▒▒▒▒▒ ▒▒▒▒ ▒▒▒▒▒▒▒ ▒▒▒▒▒ ▒▒▒▒ ▒▒▒▒▒▒ ▒▒▒ ▒▒▒▒▒▒▒▒ ▒▒▒▒▒ ▒▒▒▒ ▒▒▒▒▒▒ ▒▒▒▒▒ ▒▒▒▒ ▒▒▒▒▒▒▒ ▒▒▒▒▒ ▒▒▒▒ ▒▒▒▒ ▒▒▒▒▒ ▒▒▒▒▒▒ ▒▒▒▒ ▒▒▒▒▒ ▒▒▒▒▒▒ ▒▒▒
▒▒▒▒ ▒▒▒▒ ▒▒▒▒▒ ▒▒▒▒▒▒ ▒▒▒ ▒▒▒▒▒▒▒▒ ▒▒▒▒ ▒▒▒▒▒▒ ▒▒▒▒▒ ▒▒▒▒ ▒▒▒▒▒▒▒ ▒▒▒▒▒ ▒▒▒▒ ▒▒▒▒▒▒ ▒▒▒ ▒▒▒▒▒▒▒▒ ▒▒▒▒▒ ▒▒▒▒ ▒▒▒▒▒▒ ▒▒▒▒▒ ▒▒▒▒ ▒▒▒▒▒▒▒ ▒▒▒▒▒ ▒▒▒▒ ▒▒▒▒ ▒▒▒▒▒ ▒▒▒▒▒▒ ▒▒▒▒ ▒▒▒▒▒ ▒▒▒▒▒▒ ▒▒▒ ▒▒▒▒▒▒▒▒ ▒▒▒▒ ▒▒▒▒▒▒ ▒▒▒▒▒ ▒▒▒▒ ▒▒▒▒▒▒▒
Chicago Grain Market.
▒▒▒▒ ▒▒▒ ▒▒▒▒ ▒▒▒ ▒▒▒▒
▒▒▒▒ ▒▒▒ ▒▒▒▒ ▒▒▒ ▒▒▒▒
▒▒▒▒ ▒▒▒ ▒▒▒▒ ▒▒▒ ▒▒▒▒
▒▒▒▒ ▒▒▒ ▒▒▒▒ ▒▒▒ ▒▒▒▒
▒▒▒▒ ▒▒▒ ▒▒▒▒ ▒▒▒ ▒▒▒▒
▒▒▒▒ ▒▒▒ ▒▒▒▒ ▒▒▒ ▒▒▒▒
▒▒▒▒ ▒▒▒ ▒▒▒▒ ▒▒▒ ▒▒▒▒
▒▒▒▒ ▒▒▒ ▒▒▒▒ ▒▒▒ ▒▒▒▒
▒▒▒▒ ▒▒▒ ▒▒▒▒ ▒▒▒ ▒▒▒▒
▒▒▒▒ ▒▒▒ ▒▒▒▒ ▒▒▒ ▒▒▒▒
▒▒▒▒ ▒▒▒ ▒▒▒▒ ▒▒▒ ▒▒▒▒
▒▒▒▒ ▒▒▒ ▒▒▒▒ ▒▒▒ ▒▒▒▒
Kansas City Grain Market.
▒▒▒▒ ▒▒▒▒ ▒▒▒▒▒ ▒▒▒▒▒▒ ▒▒▒ ▒▒▒▒▒▒▒▒ ▒▒▒▒ ▒▒▒▒▒▒ ▒▒▒▒▒ ▒▒▒▒ ▒▒▒▒▒▒▒ ▒▒▒▒▒ ▒▒▒▒ ▒▒▒▒▒▒ ▒▒▒ ▒▒▒▒▒▒▒▒ ▒▒▒▒▒ ▒▒▒▒ ▒▒▒▒▒▒ ▒▒▒▒▒ ▒▒▒▒ ▒▒▒▒▒▒▒ ▒▒▒▒▒ ▒▒▒▒ ▒▒▒▒ ▒▒▒▒▒ ▒▒▒▒▒▒ ▒▒▒▒ ▒▒▒▒▒ ▒▒▒▒▒▒ ▒▒▒ ▒▒▒▒▒▒▒▒ ▒▒▒▒ ▒▒▒▒▒▒ ▒▒▒▒▒ ▒▒▒▒ ▒▒▒▒▒▒▒ ▒▒▒▒▒ ▒▒▒▒ ▒▒▒▒▒▒ ▒▒▒ ▒▒▒▒▒▒▒▒ ▒▒▒▒▒ ▒▒▒▒ ▒▒▒▒▒▒ ▒▒▒▒▒ ▒▒▒▒ ▒▒▒▒▒▒▒ ▒▒▒▒▒ ▒▒▒▒ ▒▒▒▒ ▒▒▒▒▒ ▒▒▒▒▒▒ ▒▒▒▒ ▒▒▒▒▒ ▒▒▒▒▒▒ ▒▒▒ ▒▒▒▒▒▒▒▒ ▒▒▒▒
Chicago Produce Market.
▒▒▒▒ ▒▒▒▒ ▒▒▒▒▒ ▒▒▒▒▒▒ ▒▒▒ ▒▒▒▒▒▒▒▒ ▒▒▒▒ ▒▒▒▒▒▒ ▒▒▒▒▒ ▒▒▒▒ ▒▒▒▒▒▒▒ ▒▒▒▒▒ ▒▒▒▒ ▒▒▒▒▒▒ ▒▒▒ ▒▒▒▒▒▒▒▒ ▒▒▒▒▒ ▒▒▒▒ ▒▒▒▒▒▒ ▒▒▒▒▒ ▒▒▒▒ ▒▒▒▒▒▒▒ ▒▒▒▒▒ ▒▒▒▒ ▒▒▒▒ ▒▒▒▒▒ ▒▒▒▒▒▒ ▒▒▒▒ ▒▒▒▒▒ ▒▒▒▒▒▒ ▒▒▒ ▒▒▒▒▒▒▒▒ ▒▒▒▒ ▒▒▒▒▒▒ ▒▒▒▒▒ ▒▒▒▒ ▒▒▒▒▒▒▒ ▒▒▒▒▒ ▒▒▒▒ ▒▒▒▒▒▒ ▒▒▒ ▒▒▒▒▒▒▒▒ ▒▒▒▒▒ ▒▒▒▒ ▒▒▒▒▒▒
New York Produce Market.
▒▒▒▒ ▒▒▒▒ ▒▒▒▒▒ ▒▒▒▒▒▒ ▒▒▒ ▒▒▒▒▒▒▒▒ ▒▒▒▒ ▒▒▒▒▒▒ ▒▒▒▒▒ ▒▒▒▒ ▒▒▒▒▒▒▒ ▒▒▒▒▒ ▒▒▒▒ ▒▒▒▒▒▒ ▒▒▒ ▒▒▒▒▒▒▒▒ ▒▒▒▒▒ ▒▒▒▒ ▒▒▒▒▒▒ ▒▒▒▒▒ ▒▒▒▒ ▒▒▒▒▒▒▒ ▒▒▒▒▒ ▒▒▒▒ ▒▒▒▒ ▒▒▒▒▒ ▒▒▒▒▒▒ ▒▒▒▒ ▒▒▒▒▒ ▒▒▒▒▒▒ ▒▒▒ ▒▒▒▒▒▒▒▒ ▒▒▒▒ ▒▒▒▒▒▒ ▒▒▒▒▒ ▒▒▒▒ ▒▒▒▒▒▒▒
New York Stock Market.
▒▒▒▒ ▒▒▒▒ ▒▒▒▒▒ ▒▒▒▒▒▒ ▒▒▒ ▒▒▒▒▒▒▒▒ ▒▒▒▒ ▒▒▒▒▒▒ ▒▒▒▒▒ ▒▒▒▒ ▒▒▒▒▒▒▒ ▒▒▒▒▒ ▒▒▒▒ ▒▒▒▒▒▒ ▒▒▒ ▒▒▒▒▒▒▒▒ ▒▒▒▒▒ ▒▒▒▒ ▒▒▒▒▒▒ ▒▒▒▒▒ ▒▒▒▒ ▒▒▒▒▒▒▒ ▒▒▒▒▒ ▒▒▒▒ ▒▒▒▒ ▒▒▒▒▒ ▒▒▒▒▒▒ ▒▒▒▒ ▒▒▒▒▒ ▒▒▒▒▒▒ ▒▒▒ ▒▒▒▒▒▒▒▒ ▒▒▒▒ ▒▒▒▒▒▒ ▒▒▒▒▒ ▒▒▒▒ ▒▒▒▒▒▒▒ ▒▒▒▒▒ ▒▒▒▒ ▒▒▒▒▒▒ ▒▒▒ ▒▒▒▒▒▒▒▒ ▒▒▒▒▒ ▒▒▒▒ ▒▒▒▒▒▒ ▒▒▒▒▒ ▒▒▒▒ ▒▒▒▒▒▒▒ ▒▒▒▒▒ ▒▒▒▒ ▒▒▒▒
Cotton Market.
▒▒▒▒ ▒▒▒▒ ▒▒▒▒▒ ▒▒▒▒▒▒ ▒▒▒ ▒▒▒▒▒▒▒▒ ▒▒▒▒ ▒▒▒▒▒▒ ▒▒▒▒▒ ▒▒▒▒ ▒▒▒▒▒▒▒ ▒▒▒▒▒ ▒▒▒▒ ▒▒▒▒▒▒ ▒▒▒ ▒▒▒▒▒▒▒▒ ▒▒▒▒▒ ▒▒▒▒ ▒▒▒▒▒▒ ▒▒▒▒▒ ▒▒▒▒ ▒▒▒▒▒▒▒ ▒▒▒▒▒ ▒▒▒▒ ▒▒▒▒ ▒▒▒▒▒ ▒▒▒▒▒▒ ▒▒▒▒ ▒▒▒▒▒ ▒▒▒▒▒▒
▒▒▒▒ ▒▒▒▒ ▒▒▒▒▒ ▒▒▒▒▒▒ ▒▒▒ ▒▒▒▒▒▒▒▒ ▒▒▒▒ ▒▒▒▒▒▒ ▒▒▒▒▒ ▒▒▒▒ ▒▒▒▒▒▒▒ ▒▒▒▒▒ ▒▒▒▒ ▒▒▒▒▒▒ ▒▒▒ ▒▒▒▒▒▒▒▒ ▒▒▒▒▒ ▒▒▒▒ ▒▒▒▒▒▒ ▒▒▒▒▒ ▒▒▒▒ ▒▒▒▒▒▒▒
Kansas City Live Stock Market.
▒▒▒▒ ▒▒▒▒ ▒▒▒▒▒ ▒▒▒▒▒▒ ▒▒▒ ▒▒▒▒▒▒▒▒ ▒▒▒▒ ▒▒▒▒▒▒ ▒▒▒▒▒ ▒▒▒▒ ▒▒▒▒▒▒▒ ▒▒▒▒▒ ▒▒▒▒ ▒▒▒▒▒▒ ▒▒▒ ▒▒▒▒▒▒▒▒ ▒▒▒▒▒ ▒▒▒▒ ▒▒▒▒▒▒ ▒▒▒▒▒ ▒▒▒▒ ▒▒▒▒▒▒▒ ▒▒▒▒▒ ▒▒▒▒ ▒▒▒▒ ▒▒▒▒▒ ▒▒▒▒▒▒ ▒▒▒▒ ▒▒▒▒▒ ▒▒▒▒▒▒
Chicago Live Stock Market.
▒▒▒▒ ▒▒▒▒ ▒▒▒▒▒ ▒▒▒▒▒▒ ▒▒▒ ▒▒▒▒▒▒▒▒ ▒▒▒▒ ▒▒▒▒▒▒ ▒▒▒▒▒ ▒▒▒▒ ▒▒▒▒▒▒▒ ▒▒▒▒▒ ▒▒▒▒ ▒▒▒▒▒▒ ▒▒▒ ▒▒▒▒▒▒▒▒ ▒▒▒▒▒ ▒▒▒▒ ▒▒▒▒▒▒ ▒▒▒▒▒ ▒▒▒▒ ▒▒▒▒▒▒▒ ▒▒▒▒▒ ▒▒▒▒ ▒▒▒▒ ▒▒▒▒▒ ▒▒▒▒▒▒ ▒▒▒▒ ▒▒▒▒▒ ▒▒▒▒▒▒ ▒▒▒ ▒▒▒▒▒▒▒▒ ▒▒▒▒ ▒▒▒▒▒▒
▒▒▒▒ ▒▒▒ ▒▒▒▒ ▒▒▒ ▒▒▒▒
▒▒▒▒ ▒▒▒ ▒▒▒▒ ▒▒▒ ▒▒▒▒
▒▒▒▒ ▒▒▒ ▒▒▒▒ ▒▒▒ ▒▒▒▒
▒▒▒▒ ▒▒▒ ▒▒▒▒ ▒▒▒ ▒▒▒▒
▒▒▒▒ ▒▒▒ ▒▒▒▒ ▒▒▒ ▒▒▒▒
▒▒▒▒ ▒▒▒ ▒▒▒▒ ▒▒▒ ▒▒▒▒
▒▒▒▒ ▒▒▒ ▒▒▒▒ ▒▒▒ ▒▒▒▒
▒▒▒▒ ▒▒▒ ▒▒▒▒ ▒▒▒ ▒▒▒▒
▒▒▒▒ ▒▒▒ ▒▒▒▒ ▒▒▒ ▒▒▒▒
▒▒▒▒ ▒▒▒ ▒▒▒▒ ▒▒▒ ▒▒▒▒
Topeka Live Stock Markets.
▒▒▒▒ ▒▒▒ ▒▒▒▒ ▒▒▒ ▒▒▒▒
▒▒▒▒ ▒▒▒ ▒▒▒▒ ▒▒▒ ▒▒▒▒
▒▒▒▒ ▒▒▒ ▒▒▒▒ ▒▒▒ ▒▒▒▒
▒▒▒▒ ▒▒▒ ▒▒▒▒ ▒▒▒ ▒▒▒▒
▒▒▒▒ ▒▒▒ ▒▒▒▒ ▒▒▒ ▒▒▒▒
▒▒▒▒ ▒▒▒ ▒▒▒▒ ▒▒▒ ▒▒▒▒
▒▒▒▒ ▒▒▒ ▒▒▒▒ ▒▒▒ ▒▒▒▒
▒▒▒▒ ▒▒▒ ▒▒▒▒ ▒▒▒ ▒▒▒▒
Topeka Grain Market.
▒▒▒▒ ▒▒▒▒ ▒▒▒▒▒ ▒▒▒▒▒▒ ▒▒▒ ▒▒▒▒▒▒▒▒ ▒▒▒▒ ▒▒▒▒▒▒ ▒▒▒▒▒ ▒▒▒▒ ▒▒▒▒▒▒▒ ▒▒▒▒▒ ▒▒▒▒ ▒▒▒▒▒▒ ▒▒▒ ▒▒▒▒▒▒▒▒ ▒▒▒▒▒ ▒▒▒▒ ▒▒▒▒▒▒ ▒▒▒▒▒ ▒▒▒▒ ▒▒▒▒▒▒▒ ▒▒▒▒▒ ▒▒▒▒ ▒▒▒▒ ▒▒▒▒▒ ▒▒▒▒▒▒ ▒▒▒▒ ▒▒▒▒▒ ▒▒▒▒▒▒
Butter and Eggs.
▒▒▒▒ ▒▒▒▒ ▒▒▒▒▒ ▒▒▒▒▒▒ ▒▒▒ ▒▒▒▒▒▒▒▒ ▒▒▒▒ ▒▒▒▒▒▒ ▒▒▒▒▒ ▒▒▒▒ ▒▒▒▒▒▒▒ ▒▒▒▒▒ ▒▒▒▒ ▒▒▒▒▒▒ ▒▒▒ ▒▒▒▒▒▒▒▒ ▒▒▒▒▒ ▒▒▒▒ ▒▒▒▒▒▒ ▒▒▒▒▒ ▒▒▒▒ ▒▒▒▒▒▒▒
Topeka Hide Markets.
▒▒▒▒ ▒▒▒▒ ▒▒▒▒▒ ▒▒▒▒▒▒ ▒▒▒ ▒▒▒▒▒▒▒▒ ▒▒▒▒ ▒▒▒▒▒▒ ▒▒▒▒▒ ▒▒▒▒ ▒▒▒▒▒▒▒ ▒▒▒▒▒ ▒▒▒▒ ▒▒▒▒▒▒ ▒▒▒ ▒▒▒▒▒▒▒▒ ▒▒▒▒▒ ▒▒▒▒ ▒▒▒▒▒▒ ▒▒▒▒▒ ▒▒▒▒ ▒▒▒▒▒▒▒ ▒▒▒▒▒ ▒▒▒▒ ▒▒▒▒ ▒▒▒▒▒ ▒▒▒▒▒▒ ▒▒▒▒ ▒▒▒▒▒ ▒▒▒▒▒▒ ▒▒▒ ▒▒▒▒▒▒▒▒ ▒▒▒▒ ▒▒▒▒▒▒ ▒▒▒▒▒ ▒▒▒▒ ▒▒▒▒▒▒▒ ▒▒▒▒▒ ▒▒▒▒ ▒▒▒▒▒▒ ▒▒▒ ▒▒▒▒▒▒▒▒ ▒▒▒▒▒ ▒▒▒▒ ▒▒▒▒▒▒ ▒▒▒▒▒ ▒▒▒▒ ▒▒▒▒▒▒▒ ▒▒▒▒▒ ▒▒▒▒ ▒▒▒▒
